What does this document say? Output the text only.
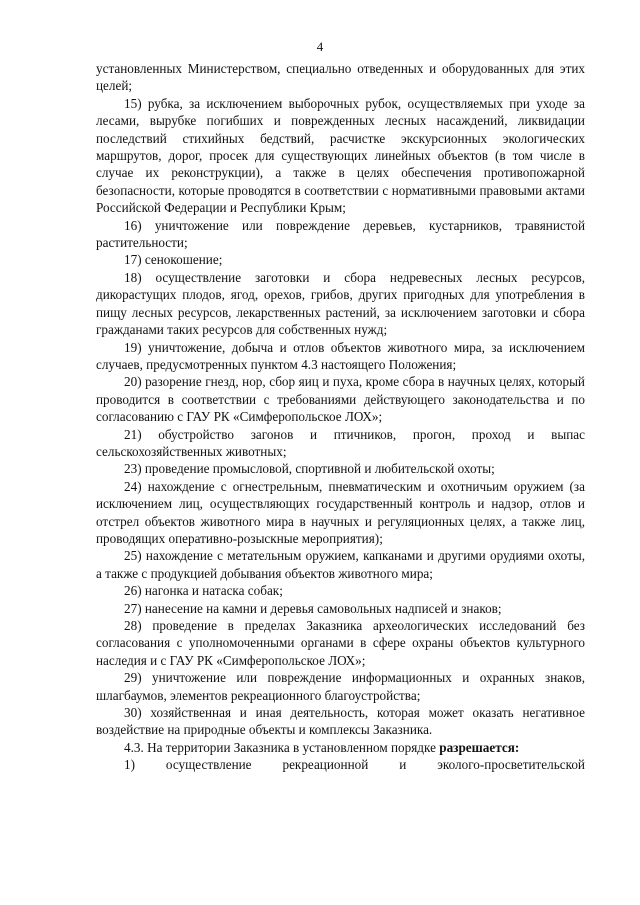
4

установленных Министерством, специально отведенных и оборудованных для этих целей;

15) рубка, за исключением выборочных рубок, осуществляемых при уходе за лесами, вырубке погибших и поврежденных лесных насаждений, ликвидации последствий стихийных бедствий, расчистке экскурсионных экологических маршрутов, дорог, просек для существующих линейных объектов (в том числе в случае их реконструкции), а также в целях обеспечения противопожарной безопасности, которые проводятся в соответствии с нормативными правовыми актами Российской Федерации и Республики Крым;

16) уничтожение или повреждение деревьев, кустарников, травянистой растительности;

17) сенокошение;

18) осуществление заготовки и сбора недревесных лесных ресурсов, дикорастущих плодов, ягод, орехов, грибов, других пригодных для употребления в пищу лесных ресурсов, лекарственных растений, за исключением заготовки и сбора гражданами таких ресурсов для собственных нужд;

19) уничтожение, добыча и отлов объектов животного мира, за исключением случаев, предусмотренных пунктом 4.3 настоящего Положения;

20) разорение гнезд, нор, сбор яиц и пуха, кроме сбора в научных целях, который проводится в соответствии с требованиями действующего законодательства и по согласованию с ГАУ РК «Симферопольское ЛОХ»;

21) обустройство загонов и птичников, прогон, проход и выпас сельскохозяйственных животных;

23) проведение промысловой, спортивной и любительской охоты;

24) нахождение с огнестрельным, пневматическим и охотничьим оружием (за исключением лиц, осуществляющих государственный контроль и надзор, отлов и отстрел объектов животного мира в научных и регуляционных целях, а также лиц, проводящих оперативно-розыскные мероприятия);

25) нахождение с метательным оружием, капканами и другими орудиями охоты, а также с продукцией добывания объектов животного мира;

26) нагонка и натаска собак;

27) нанесение на камни и деревья самовольных надписей и знаков;

28) проведение в пределах Заказника археологических исследований без согласования с уполномоченными органами в сфере охраны объектов культурного наследия и с ГАУ РК «Симферопольское ЛОХ»;

29) уничтожение или повреждение информационных и охранных знаков, шлагбаумов, элементов рекреационного благоустройства;

30) хозяйственная и иная деятельность, которая может оказать негативное воздействие на природные объекты и комплексы Заказника.

4.3. На территории Заказника в установленном порядке разрешается:

1) осуществление рекреационной и эколого-просветительской
